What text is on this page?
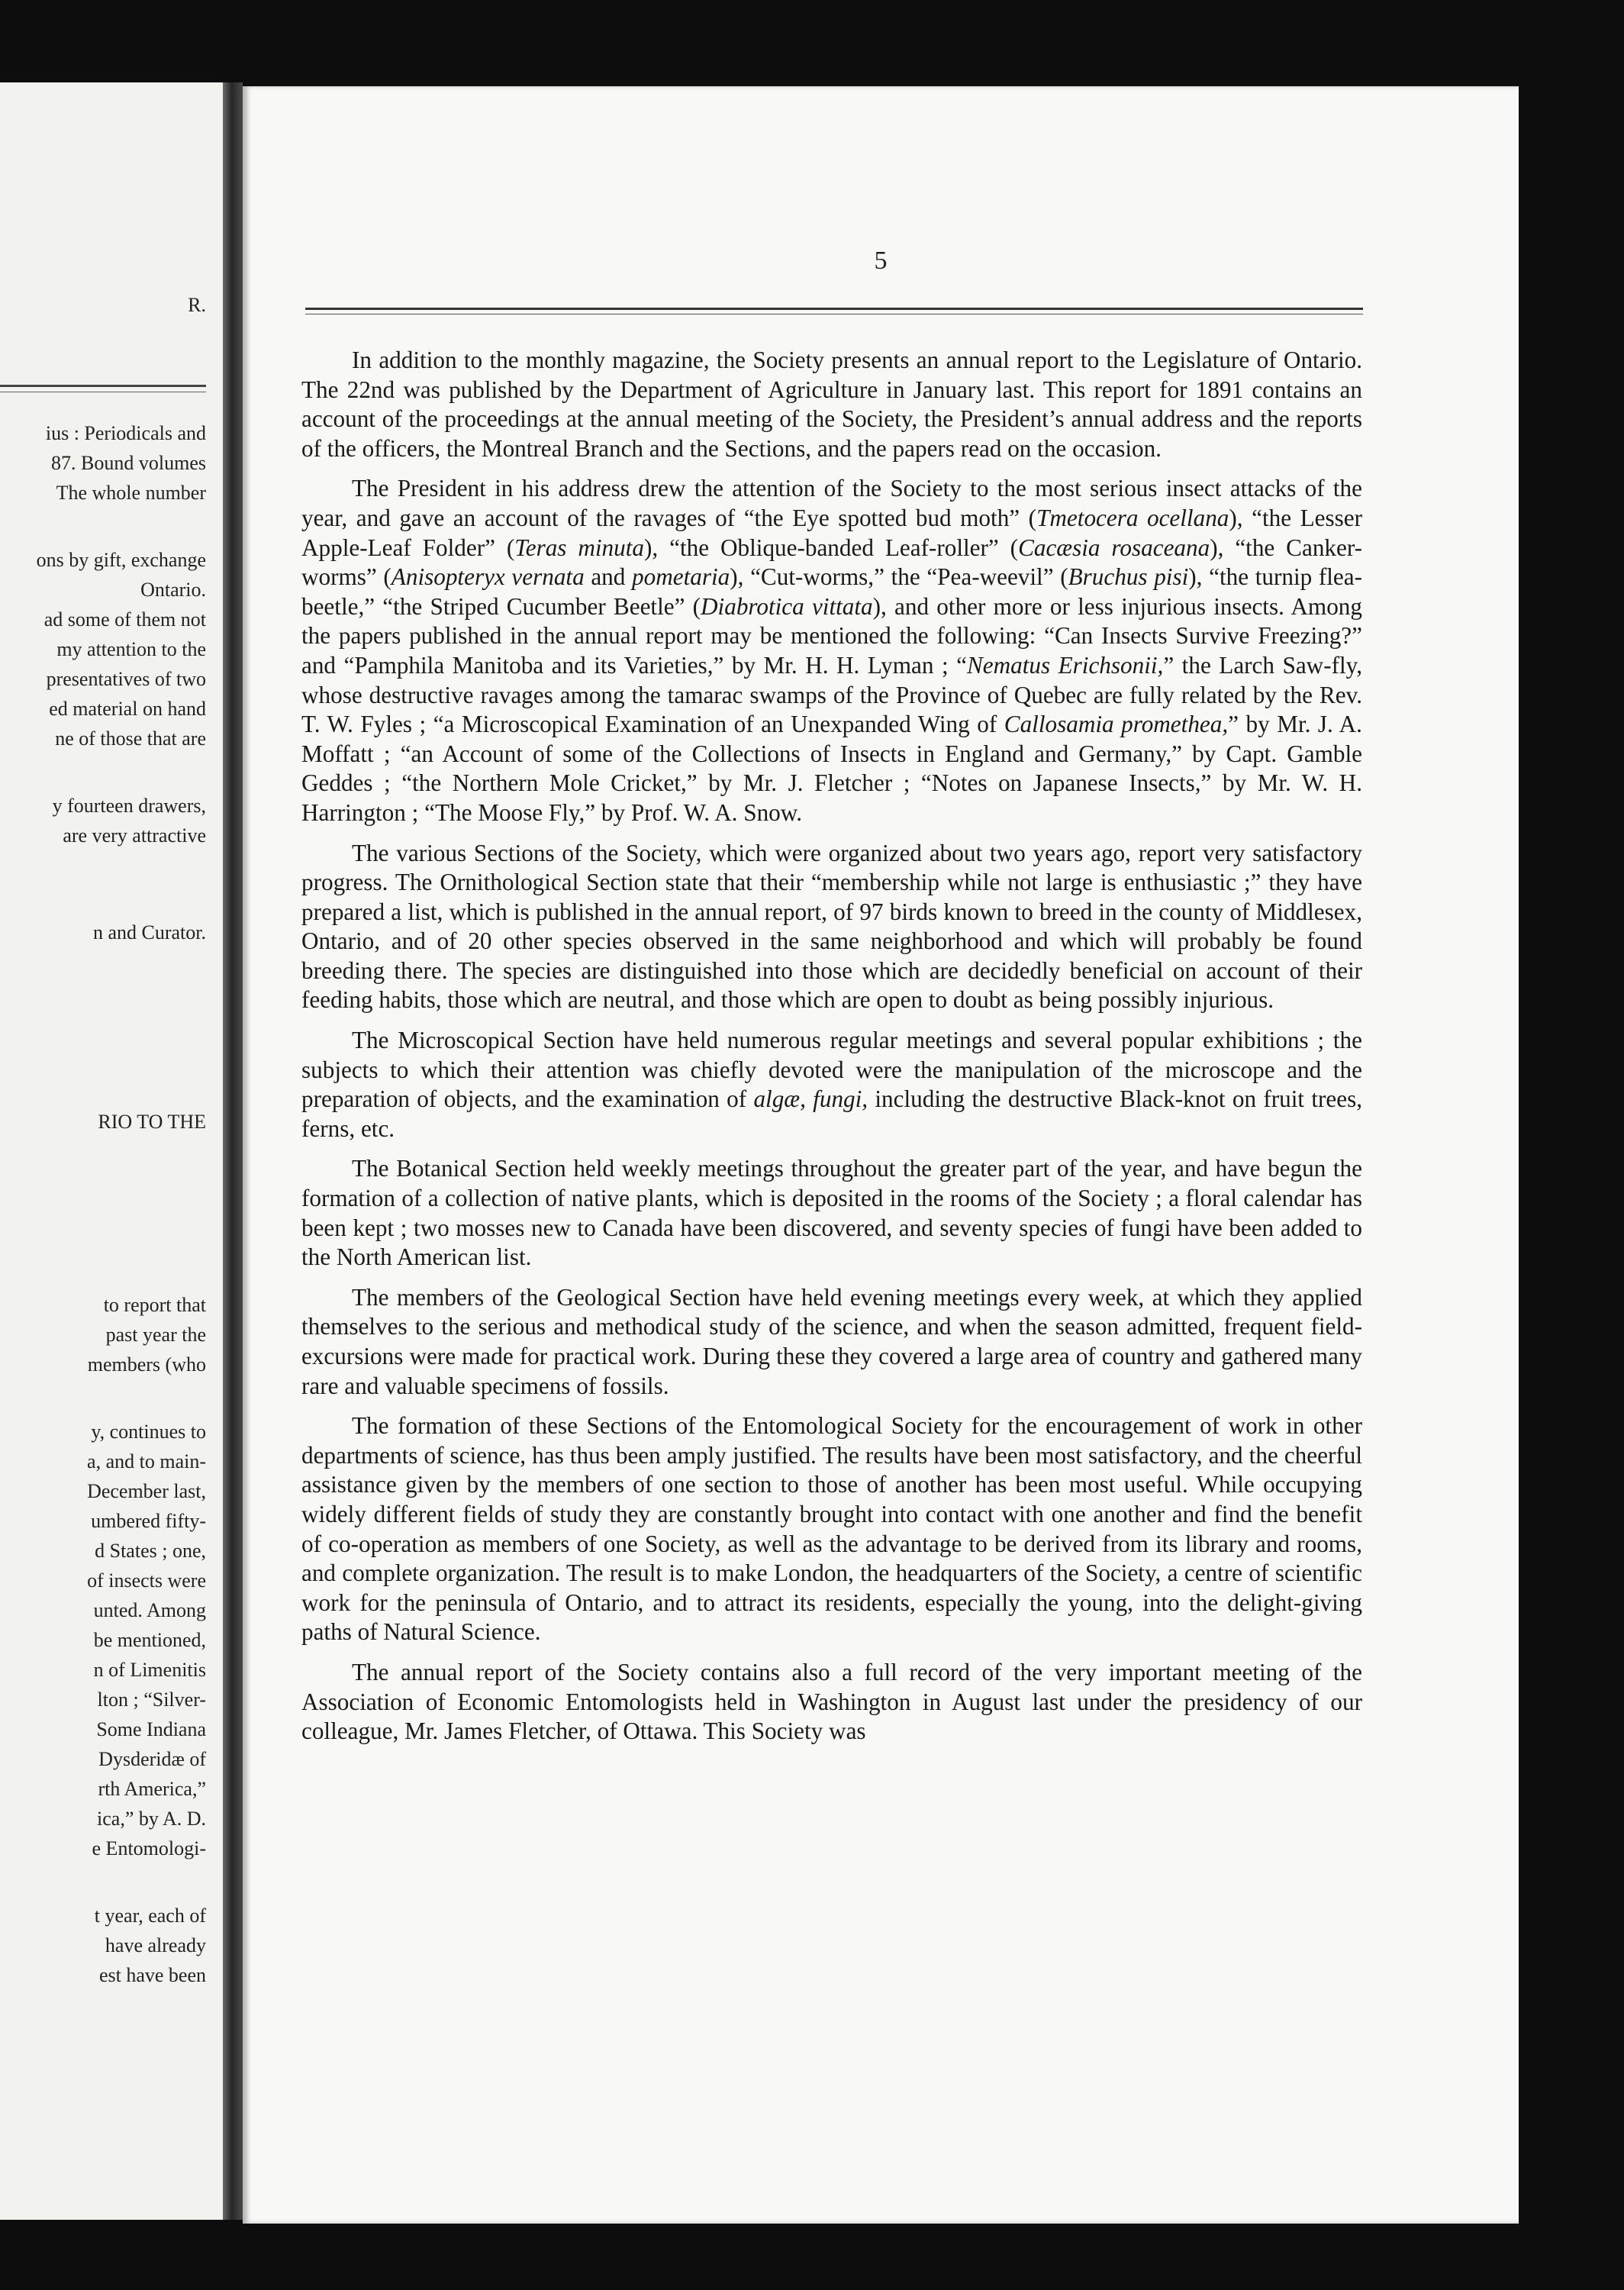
R.
ius : Periodicals and
87. Bound volumes
The whole number
ons by gift, exchange
Ontario.
ad some of them not
my attention to the
presentatives of two
ed material on hand
ne of those that are
y fourteen drawers,
are very attractive
n and Curator.
RIO TO THE
to report that
past year the
members (who
y, continues to
a, and to main-
December last,
umbered fifty-
d States ; one,
of insects were
unted. Among
be mentioned,
n of Limenitis
lton ; “Silver-
Some Indiana
Dysderidæ of
rth America,”
ica,” by A. D.
e Entomologi-
t year, each of
have already
est have been
5

In addition to the monthly magazine, the Society presents an annual report to the Legislature of Ontario. The 22nd was published by the Department of Agriculture in January last. This report for 1891 contains an account of the proceedings at the annual meeting of the Society, the President’s annual address and the reports of the officers, the Montreal Branch and the Sections, and the papers read on the occasion.

The President in his address drew the attention of the Society to the most serious insect attacks of the year, and gave an account of the ravages of “the Eye spotted bud moth” (Tmetocera ocellana), “the Lesser Apple-Leaf Folder” (Teras minuta), “the Oblique-banded Leaf-roller” (Cacæsia rosaceana), “the Canker-worms” (Anisopteryx vernata and pometaria), “Cut-worms,” the “Pea-weevil” (Bruchus pisi), “the turnip flea-beetle,” “the Striped Cucumber Beetle” (Diabrotica vittata), and other more or less injurious insects. Among the papers published in the annual report may be mentioned the following: “Can Insects Survive Freezing?” and “Pamphila Manitoba and its Varieties,” by Mr. H. H. Lyman ; “Nematus Erichsonii,” the Larch Saw-fly, whose destructive ravages among the tamarac swamps of the Province of Quebec are fully related by the Rev. T. W. Fyles ; “a Microscopical Examination of an Unexpanded Wing of Callosamia promethea,” by Mr. J. A. Moffatt ; “an Account of some of the Collections of Insects in England and Germany,” by Capt. Gamble Geddes ; “the Northern Mole Cricket,” by Mr. J. Fletcher ; “Notes on Japanese Insects,” by Mr. W. H. Harrington ; “The Moose Fly,” by Prof. W. A. Snow.

The various Sections of the Society, which were organized about two years ago, report very satisfactory progress. The Ornithological Section state that their “membership while not large is enthusiastic ;” they have prepared a list, which is published in the annual report, of 97 birds known to breed in the county of Middlesex, Ontario, and of 20 other species observed in the same neighborhood and which will probably be found breeding there. The species are distinguished into those which are decidedly beneficial on account of their feeding habits, those which are neutral, and those which are open to doubt as being possibly injurious.

The Microscopical Section have held numerous regular meetings and several popular exhibitions ; the subjects to which their attention was chiefly devoted were the manipulation of the microscope and the preparation of objects, and the examination of algæ, fungi, including the destructive Black-knot on fruit trees, ferns, etc.

The Botanical Section held weekly meetings throughout the greater part of the year, and have begun the formation of a collection of native plants, which is deposited in the rooms of the Society ; a floral calendar has been kept ; two mosses new to Canada have been discovered, and seventy species of fungi have been added to the North American list.

The members of the Geological Section have held evening meetings every week, at which they applied themselves to the serious and methodical study of the science, and when the season admitted, frequent field-excursions were made for practical work. During these they covered a large area of country and gathered many rare and valuable specimens of fossils.

The formation of these Sections of the Entomological Society for the encouragement of work in other departments of science, has thus been amply justified. The results have been most satisfactory, and the cheerful assistance given by the members of one section to those of another has been most useful. While occupying widely different fields of study they are constantly brought into contact with one another and find the benefit of co-operation as members of one Society, as well as the advantage to be derived from its library and rooms, and complete organization. The result is to make London, the headquarters of the Society, a centre of scientific work for the peninsula of Ontario, and to attract its residents, especially the young, into the delight-giving paths of Natural Science.

The annual report of the Society contains also a full record of the very important meeting of the Association of Economic Entomologists held in Washington in August last under the presidency of our colleague, Mr. James Fletcher, of Ottawa. This Society was
